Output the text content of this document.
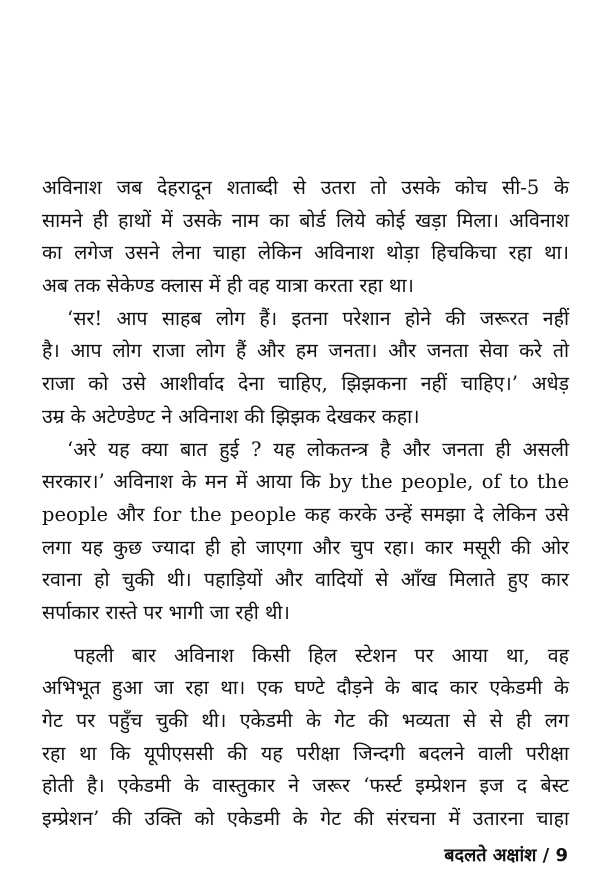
अविनाश जब देहरादून शताब्दी से उतरा तो उसके कोच सी-5 के
सामने ही हाथों में उसके नाम का बोर्ड लिये कोई खड़ा मिला। अविनाश
का लगेज उसने लेना चाहा लेकिन अविनाश थोड़ा हिचकिचा रहा था।
अब तक सेकेण्ड क्लास में ही वह यात्रा करता रहा था।
‘सर! आप साहब लोग हैं। इतना परेशान होने की जरूरत नहीं
है। आप लोग राजा लोग हैं और हम जनता। और जनता सेवा करे तो
राजा को उसे आशीर्वाद देना चाहिए, झिझकना नहीं चाहिए।’ अधेड़
उम्र के अटेण्डेण्ट ने अविनाश की झिझक देखकर कहा।
‘अरे यह क्या बात हुई ? यह लोकतन्त्र है और जनता ही असली
सरकार।’ अविनाश के मन में आया कि by the people, of to the
people और for the people कह करके उन्हें समझा दे लेकिन उसे
लगा यह कुछ ज्यादा ही हो जाएगा और चुप रहा। कार मसूरी की ओर
रवाना हो चुकी थी। पहाड़ियों और वादियों से आँख मिलाते हुए कार
सर्पाकार रास्ते पर भागी जा रही थी।
पहली बार अविनाश किसी हिल स्टेशन पर आया था, वह
अभिभूत हुआ जा रहा था। एक घण्टे दौड़ने के बाद कार एकेडमी के
गेट पर पहुँच चुकी थी। एकेडमी के गेट की भव्यता से से ही लग
रहा था कि यूपीएससी की यह परीक्षा जिन्दगी बदलने वाली परीक्षा
होती है। एकेडमी के वास्तुकार ने जरूर ‘फर्स्ट इम्प्रेशन इज द बेस्ट
इम्प्रेशन’ की उक्ति को एकेडमी के गेट की संरचना में उतारना चाहा
बदलते अक्षांश / 9
